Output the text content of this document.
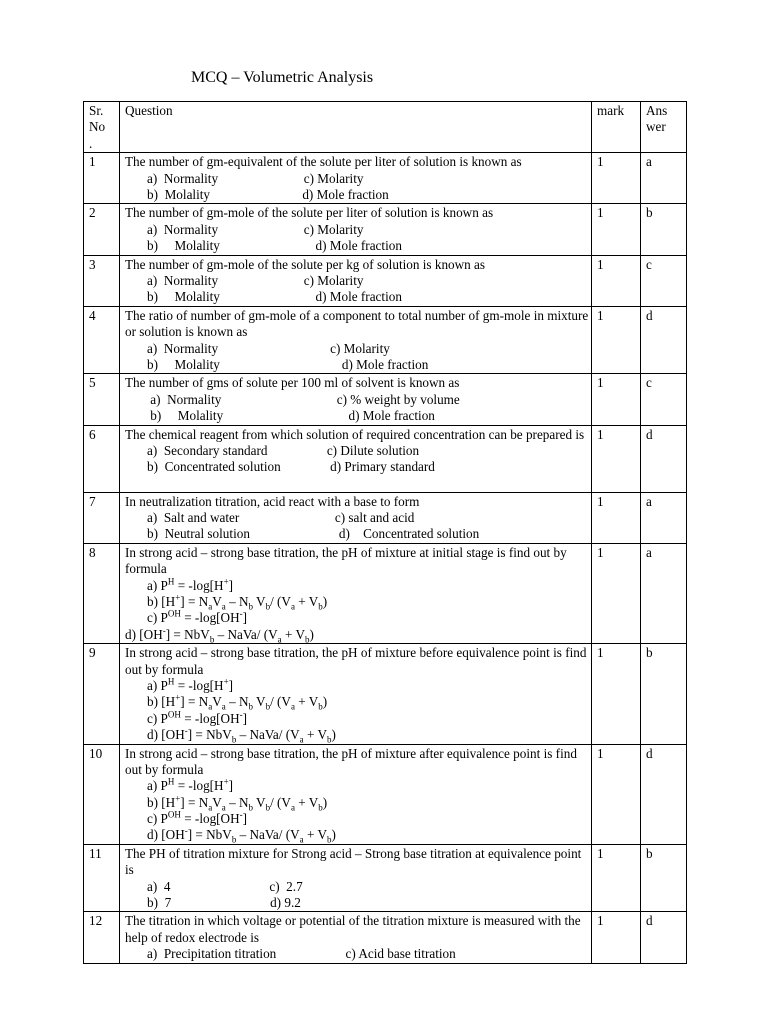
MCQ – Volumetric Analysis
Sr.
No
.	Question	mark	Ans
wer
1	The number of gm-equivalent of the solute per liter of solution is known as
a)  Normality                          c) Molarity
b)  Molality                            d) Mole fraction	1	a
2	The number of gm-mole of the solute per liter of solution is known as
a)  Normality                          c) Molarity
b)     Molality                             d) Mole fraction	1	b
3	The number of gm-mole of the solute per kg of solution is known as
a)  Normality                          c) Molarity
b)     Molality                             d) Mole fraction	1	c
4	The ratio of number of gm-mole of a component to total number of gm-mole in mixture or solution is known as
a)  Normality                                  c) Molarity
b)     Molality                                     d) Mole fraction	1	d
5	The number of gms of solute per 100 ml of solvent is known as
a)  Normality                                   c) % weight by volume
b)     Molality                                      d) Mole fraction	1	c
6	The chemical reagent from which solution of required concentration can be prepared is
a)  Secondary standard                  c) Dilute solution
b)  Concentrated solution               d) Primary standard	1	d
7	In neutralization titration, acid react with a base to form
a)  Salt and water                             c) salt and acid
b)  Neutral solution                           d)    Concentrated solution	1	a
8	In strong acid – strong base titration, the pH of mixture at initial stage is find out by formula
a) $P^H = -\log[H^+]$
b) $[H^+] = N_aV_a - N_b$ $V_b/$ $(V_a + V_b)$
c) $P^{OH} = -\log[OH^-]$
d) [OH-] = NbV$_b$ – NaVa/ $(V_a + V_b)$	1	a
9	In strong acid – strong base titration, the pH of mixture before equivalence point is find out by formula
a) $P^H = -\log[H^+]$
b) $[H^+] = N_aV_a - N_b$ $V_b/$ $(V_a + V_b)$
c) $P^{OH} = -\log[OH^-]$
d) [OH-] = NbV$_b$ – NaVa/ $(V_a + V_b)$	1	b
10	In strong acid – strong base titration, the pH of mixture after equivalence point is find out by formula
a) $P^H = -\log[H^+]$
b) $[H^+] = N_aV_a - N_b$ $V_b/$ $(V_a + V_b)$
c) $P^{OH} = -\log[OH^-]$
d) [OH-] = NbV$_b$ – NaVa/ $(V_a + V_b)$	1	d
11	The PH of titration mixture for Strong acid – Strong base titration at equivalence point is
a)  4                              c)  2.7
b)  7                              d) 9.2	1	b
12	The titration in which voltage or potential of the titration mixture is measured with the help of redox electrode is
a)  Precipitation titration                     c) Acid base titration	1	d
